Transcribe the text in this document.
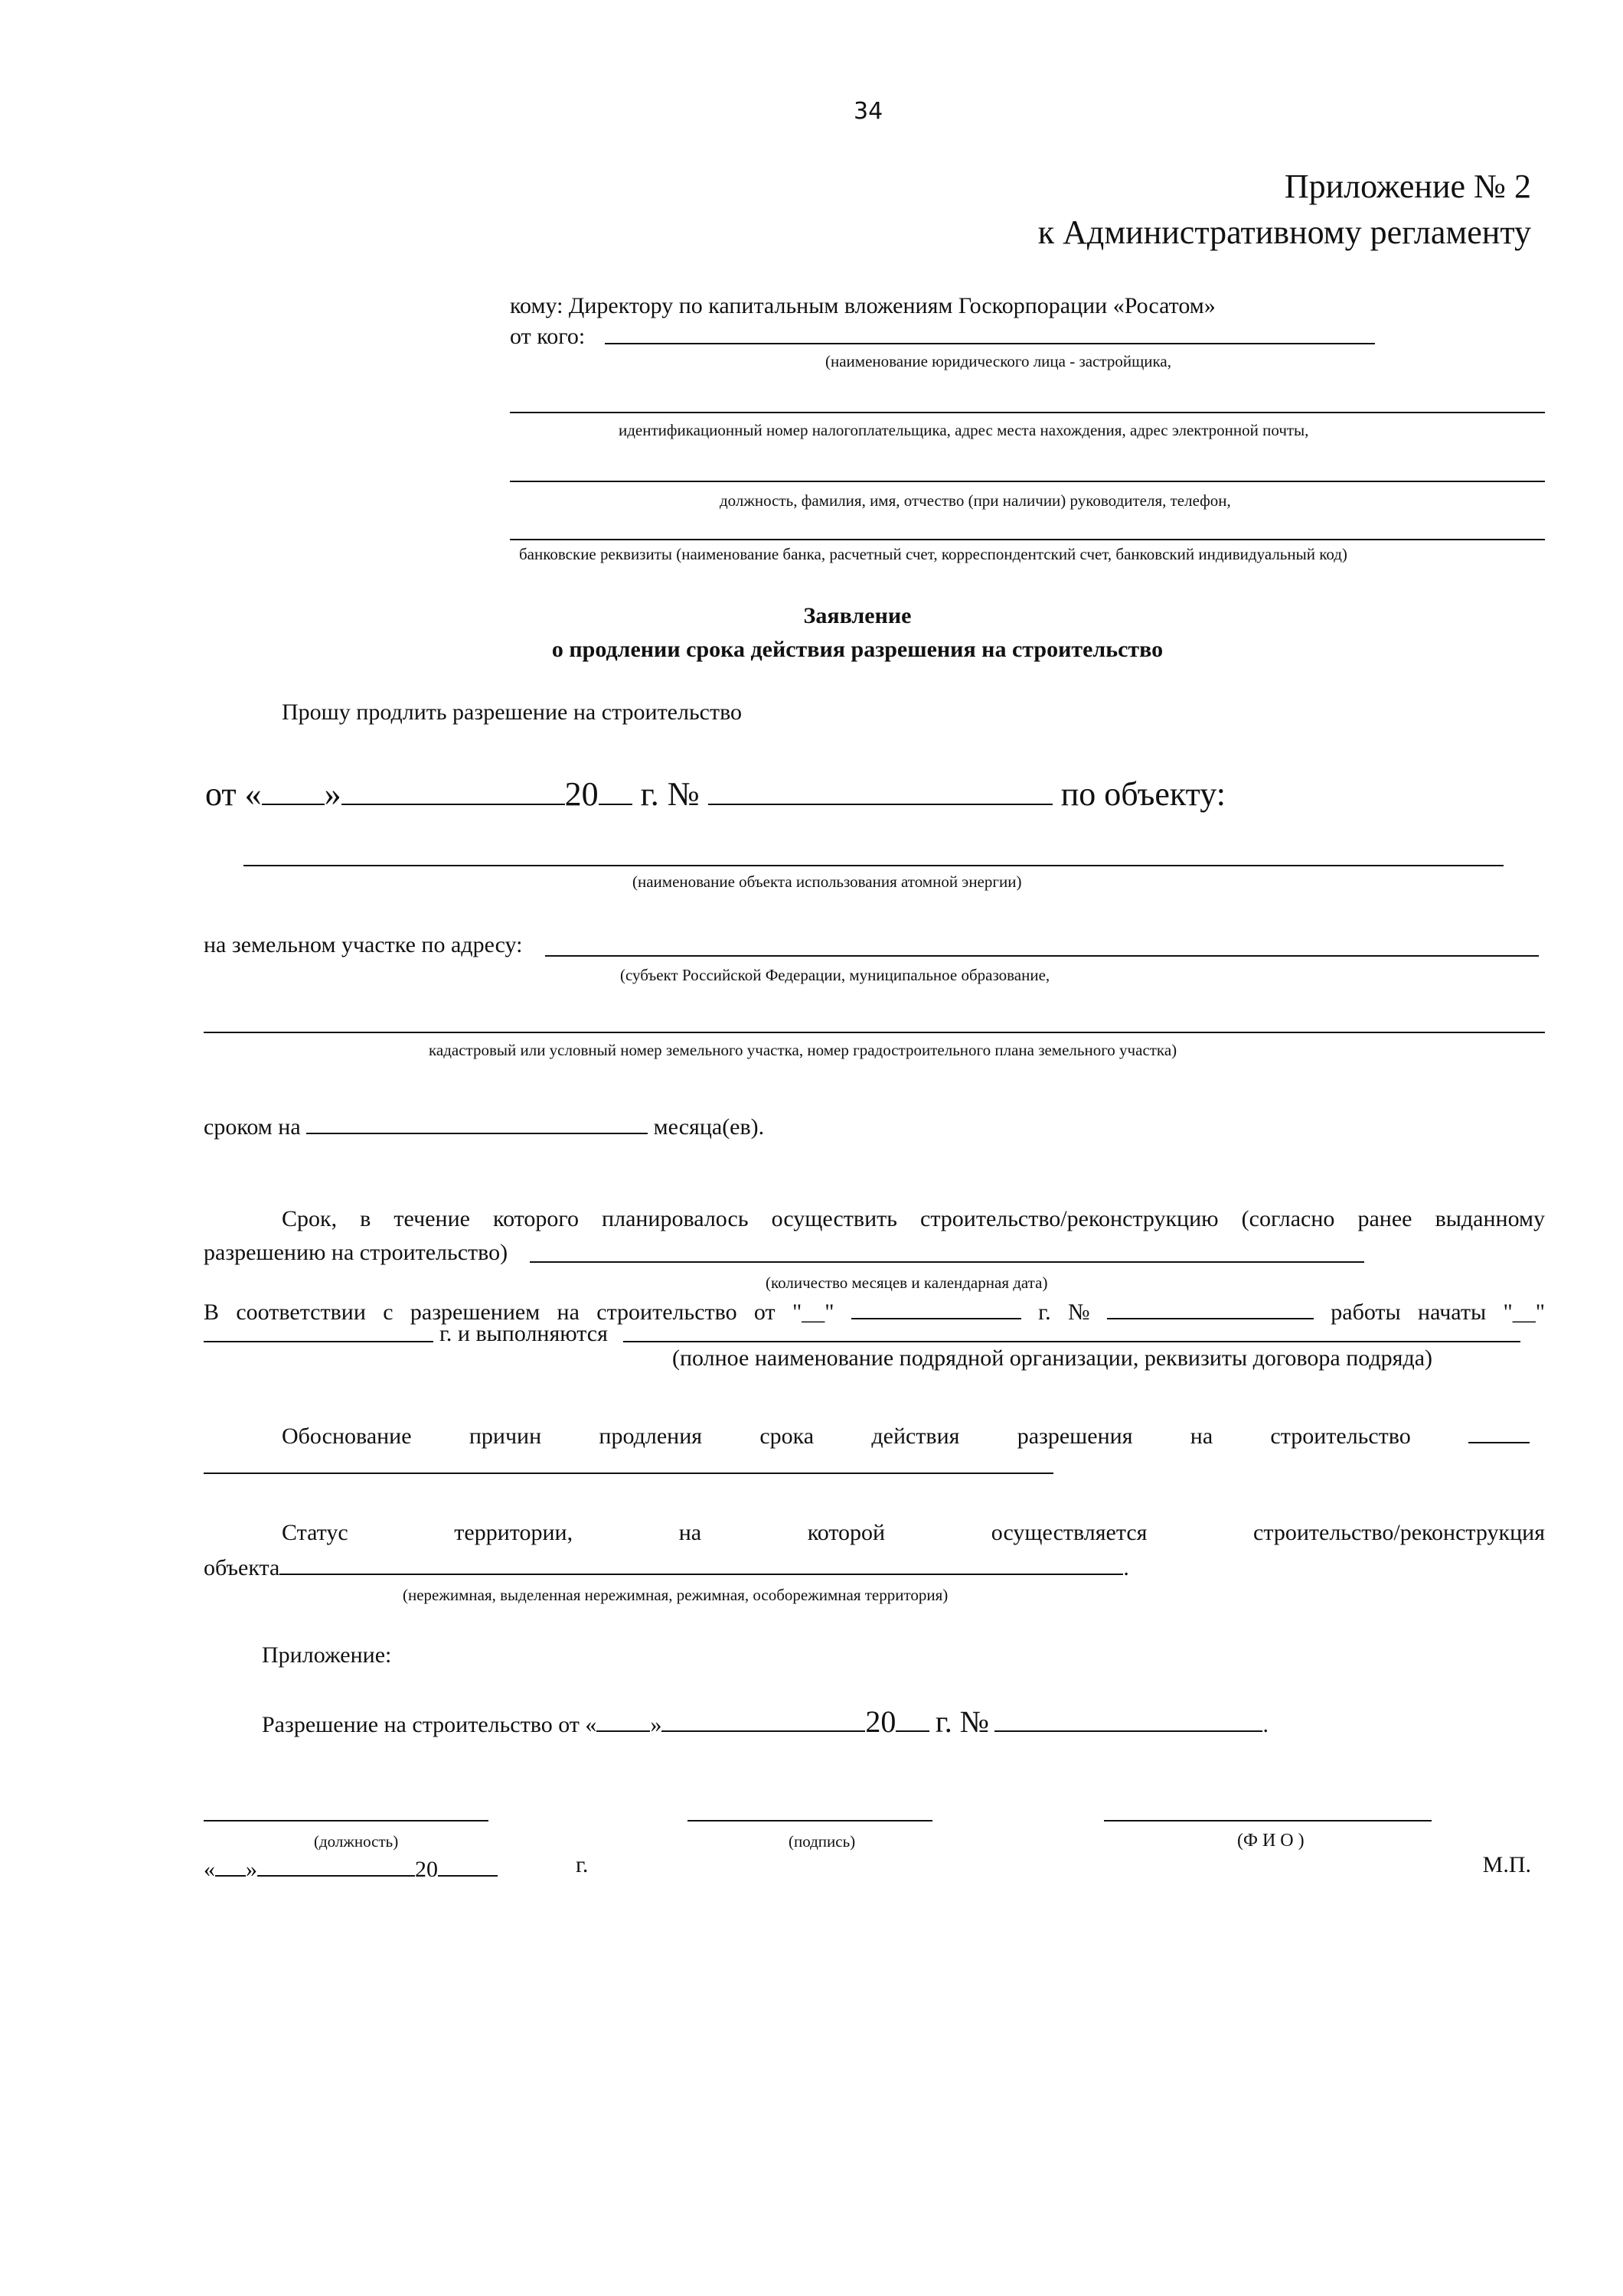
34
Приложение № 2
к Административному регламенту
кому: Директору по капитальным вложениям Госкорпорации «Росатом»
от кого:
(наименование юридического лица - застройщика,
идентификационный номер налогоплательщика, адрес места нахождения, адрес электронной почты,
должность, фамилия, имя, отчество (при наличии) руководителя, телефон,
банковские реквизиты (наименование банка, расчетный счет, корреспондентский счет, банковский индивидуальный код)
Заявление
о продлении срока действия разрешения на строительство
Прошу продлить разрешение на строительство
от « »	20 г. №	по объекту:
(наименование объекта использования атомной энергии)
на земельном участке по адресу:
(субъект Российской Федерации, муниципальное образование,
кадастровый или условный номер земельного участка, номер градостроительного плана земельного участка)
сроком на	месяца(ев).
Срок, в течение которого планировалось осуществить строительство/реконструкцию (согласно ранее выданному
разрешению на строительство)
(количество месяцев и календарная дата)
В соответствии с разрешением на строительство от "__"	г. №	работы начаты "__"
г. и выполняются
(полное наименование подрядной организации, реквизиты договора подряда)
Обоснование	причин	продления	срока	действия	разрешения	на	строительство
Статус	территории,	на	которой	осуществляется	строительство/реконструкция
объекта	.
(нережимная, выделенная нережимная, режимная, особорежимная территория)
Приложение:
Разрешение на строительство от « »	20 г. №	.
(должность)	(подпись)	(Ф И О )
« »	20	г.	М.П.
